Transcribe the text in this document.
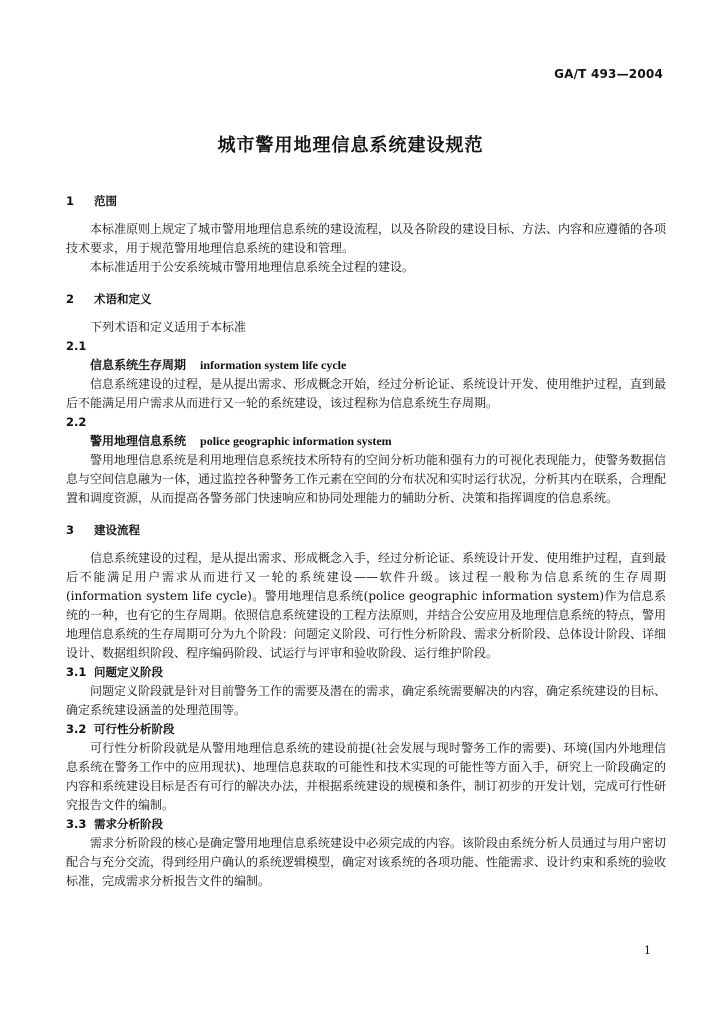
GA/T 493—2004
城市警用地理信息系统建设规范
1 范围

本标准原则上规定了城市警用地理信息系统的建设流程，以及各阶段的建设目标、方法、内容和应遵循的各项技术要求，用于规范警用地理信息系统的建设和管理。

本标准适用于公安系统城市警用地理信息系统全过程的建设。

2 术语和定义

下列术语和定义适用于本标准

2.1

信息系统生存周期 information system life cycle

信息系统建设的过程，是从提出需求、形成概念开始，经过分析论证、系统设计开发、使用维护过程，直到最后不能满足用户需求从而进行又一轮的系统建设，该过程称为信息系统生存周期。

2.2

警用地理信息系统 police geographic information system

警用地理信息系统是利用地理信息系统技术所特有的空间分析功能和强有力的可视化表现能力，使警务数据信息与空间信息融为一体，通过监控各种警务工作元素在空间的分布状况和实时运行状况，分析其内在联系，合理配置和调度资源，从而提高各警务部门快速响应和协同处理能力的辅助分析、决策和指挥调度的信息系统。

3 建设流程

信息系统建设的过程，是从提出需求、形成概念入手，经过分析论证、系统设计开发、使用维护过程，直到最后不能满足用户需求从而进行又一轮的系统建设——软件升级。该过程一般称为信息系统的生存周期(information system life cycle)。警用地理信息系统(police geographic information system)作为信息系统的一种，也有它的生存周期。依照信息系统建设的工程方法原则，并结合公安应用及地理信息系统的特点，警用地理信息系统的生存周期可分为九个阶段：问题定义阶段、可行性分析阶段、需求分析阶段、总体设计阶段、详细设计、数据组织阶段、程序编码阶段、试运行与评审和验收阶段、运行维护阶段。

3.1 问题定义阶段

问题定义阶段就是针对目前警务工作的需要及潜在的需求，确定系统需要解决的内容，确定系统建设的目标、确定系统建设涵盖的处理范围等。

3.2 可行性分析阶段

可行性分析阶段就是从警用地理信息系统的建设前提(社会发展与现时警务工作的需要)、环境(国内外地理信息系统在警务工作中的应用现状)、地理信息获取的可能性和技术实现的可能性等方面入手，研究上一阶段确定的内容和系统建设目标是否有可行的解决办法，并根据系统建设的规模和条件，制订初步的开发计划，完成可行性研究报告文件的编制。

3.3 需求分析阶段

需求分析阶段的核心是确定警用地理信息系统建设中必须完成的内容。该阶段由系统分析人员通过与用户密切配合与充分交流，得到经用户确认的系统逻辑模型，确定对该系统的各项功能、性能需求、设计约束和系统的验收标准，完成需求分析报告文件的编制。

1
